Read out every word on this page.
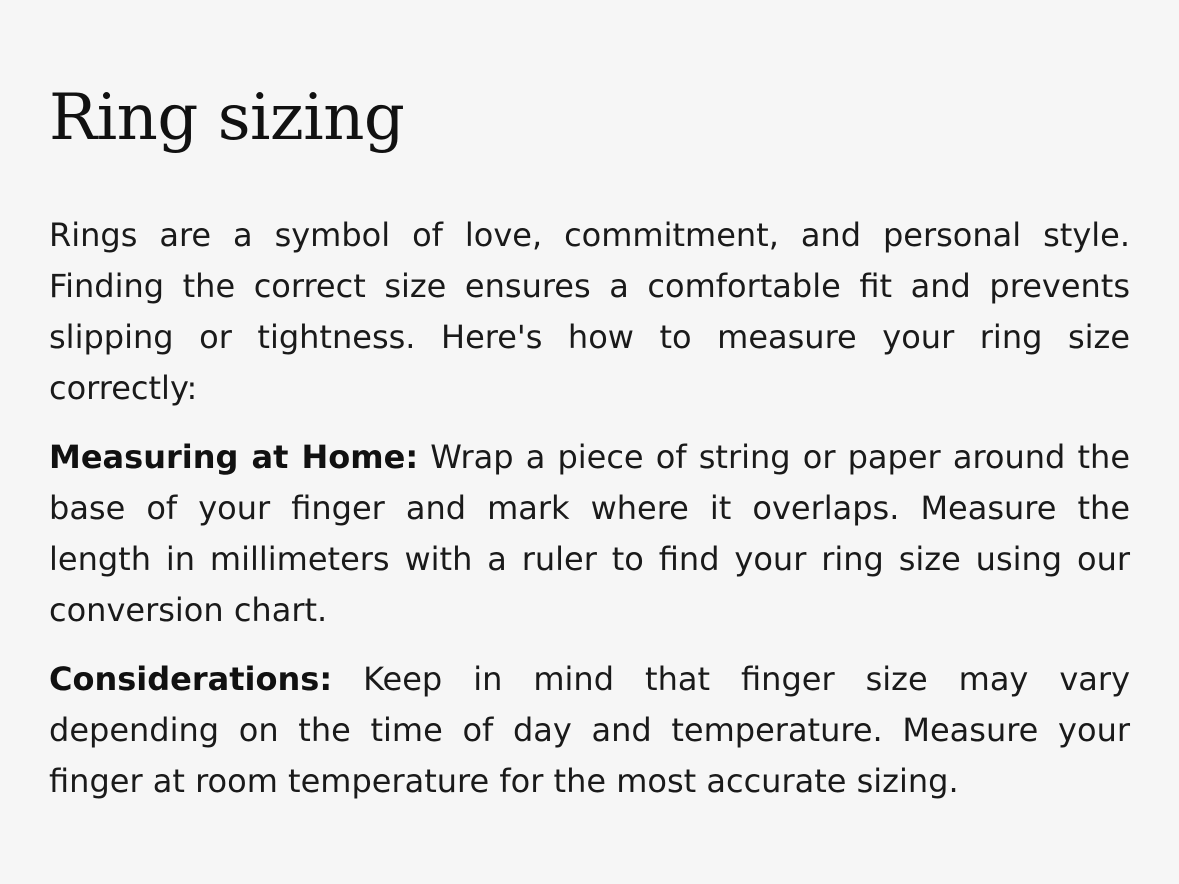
Ring sizing

Rings are a symbol of love, commitment, and personal style. Finding the correct size ensures a comfortable fit and prevents slipping or tightness. Here's how to measure your ring size correctly:

Measuring at Home: Wrap a piece of string or paper around the base of your finger and mark where it overlaps. Measure the length in millimeters with a ruler to find your ring size using our conversion chart.

Considerations: Keep in mind that finger size may vary depending on the time of day and temperature. Measure your finger at room temperature for the most accurate sizing.
